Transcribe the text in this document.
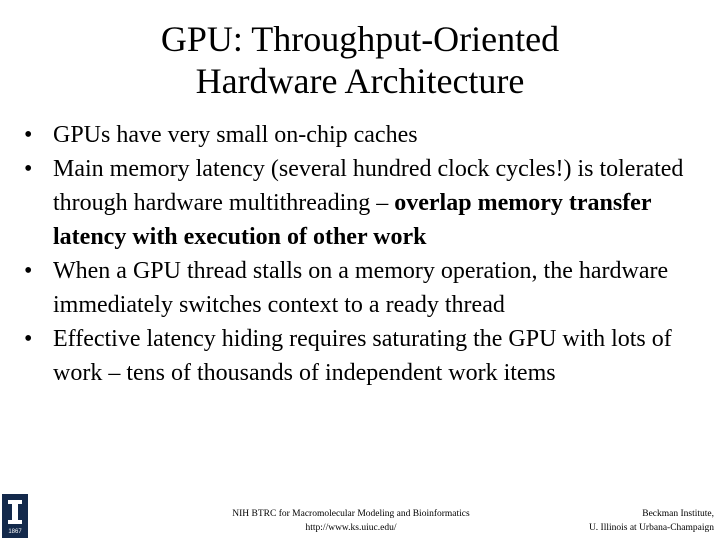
GPU: Throughput-Oriented
Hardware Architecture
• GPUs have very small on-chip caches
• Main memory latency (several hundred clock cycles!) is tolerated through hardware multithreading – overlap memory transfer latency with execution of other work
• When a GPU thread stalls on a memory operation, the hardware immediately switches context to a ready thread
• Effective latency hiding requires saturating the GPU with lots of work – tens of thousands of independent work items
1867
NIH BTRC for Macromolecular Modeling and Bioinformatics
http://www.ks.uiuc.edu/
Beckman Institute,
U. Illinois at Urbana-Champaign
